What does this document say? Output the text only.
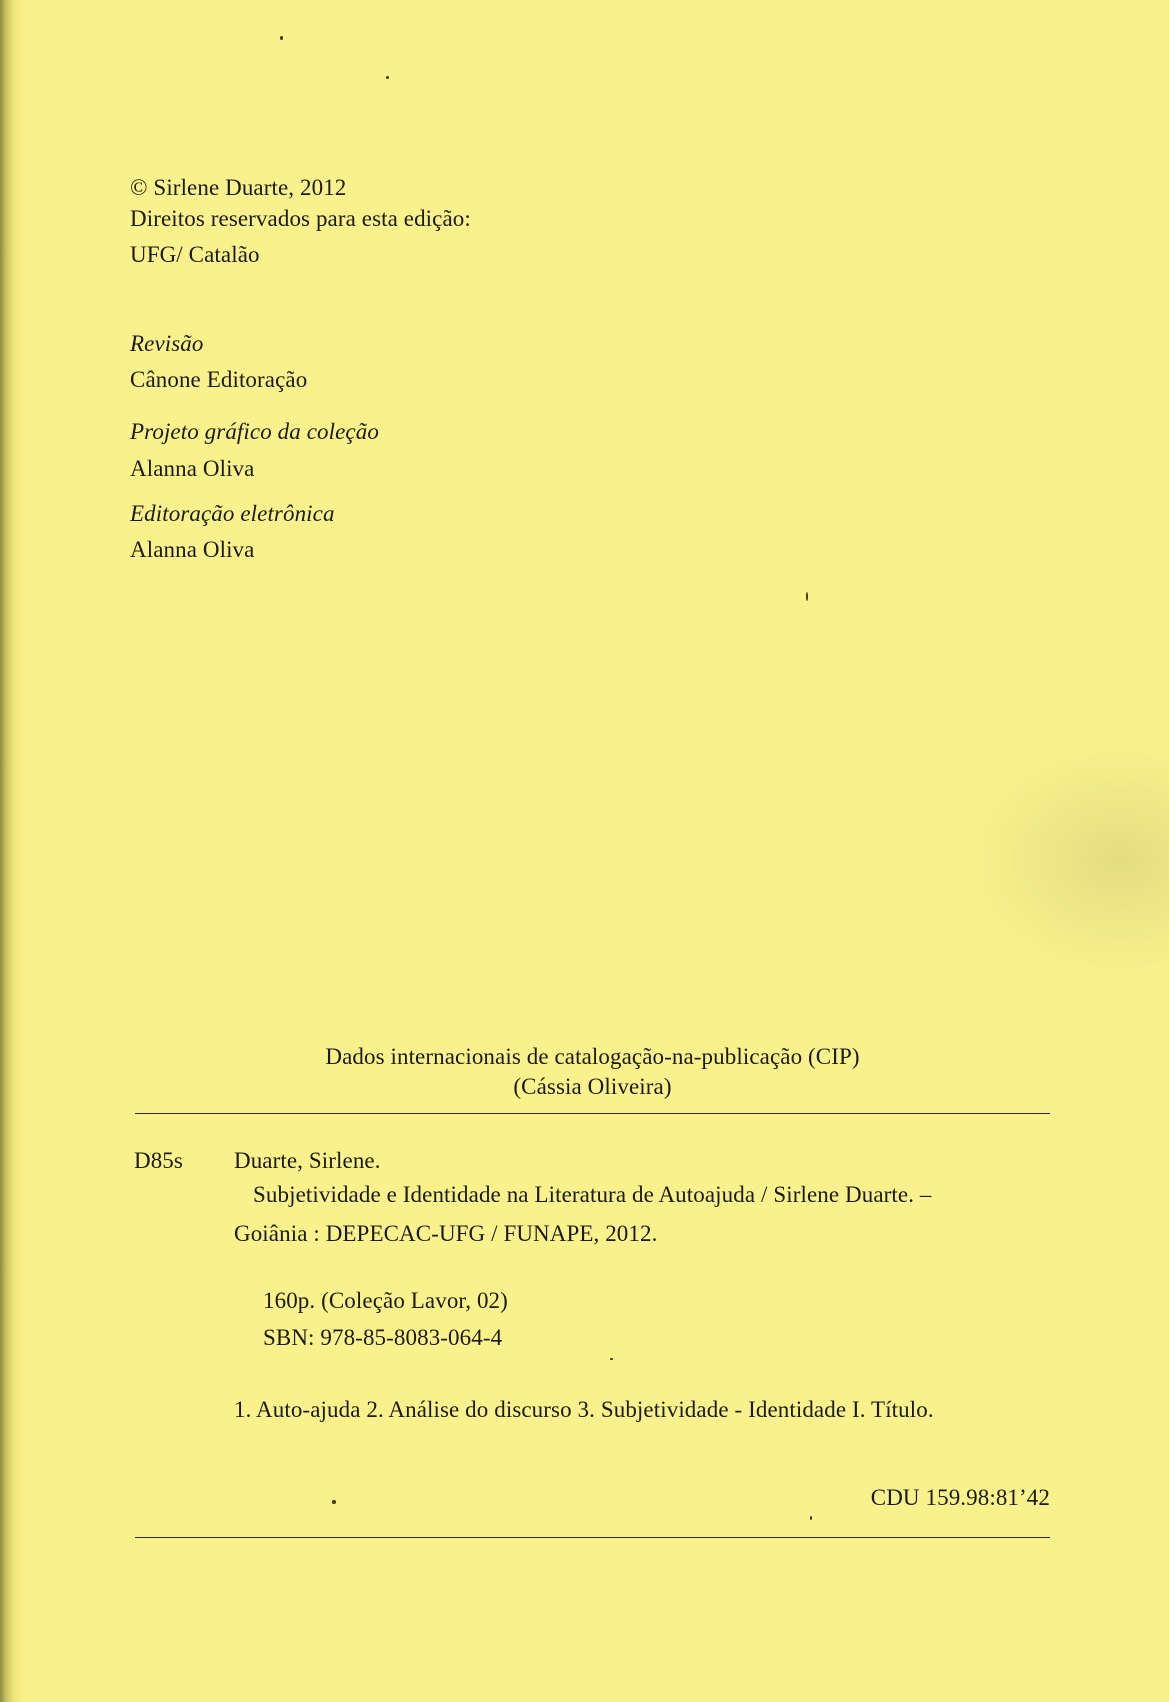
© Sirlene Duarte, 2012
Direitos reservados para esta edição:
UFG/ Catalão
Revisão
Cânone Editoração
Projeto gráfico da coleção
Alanna Oliva
Editoração eletrônica
Alanna Oliva
Dados internacionais de catalogação-na-publicação (CIP)
(Cássia Oliveira)
D85s Duarte, Sirlene.
Subjetividade e Identidade na Literatura de Autoajuda / Sirlene Duarte. –
Goiânia : DEPECAC-UFG / FUNAPE, 2012.
160p. (Coleção Lavor, 02)
SBN: 978-85-8083-064-4
1. Auto-ajuda 2. Análise do discurso 3. Subjetividade - Identidade I. Título.
CDU 159.98:81’42
